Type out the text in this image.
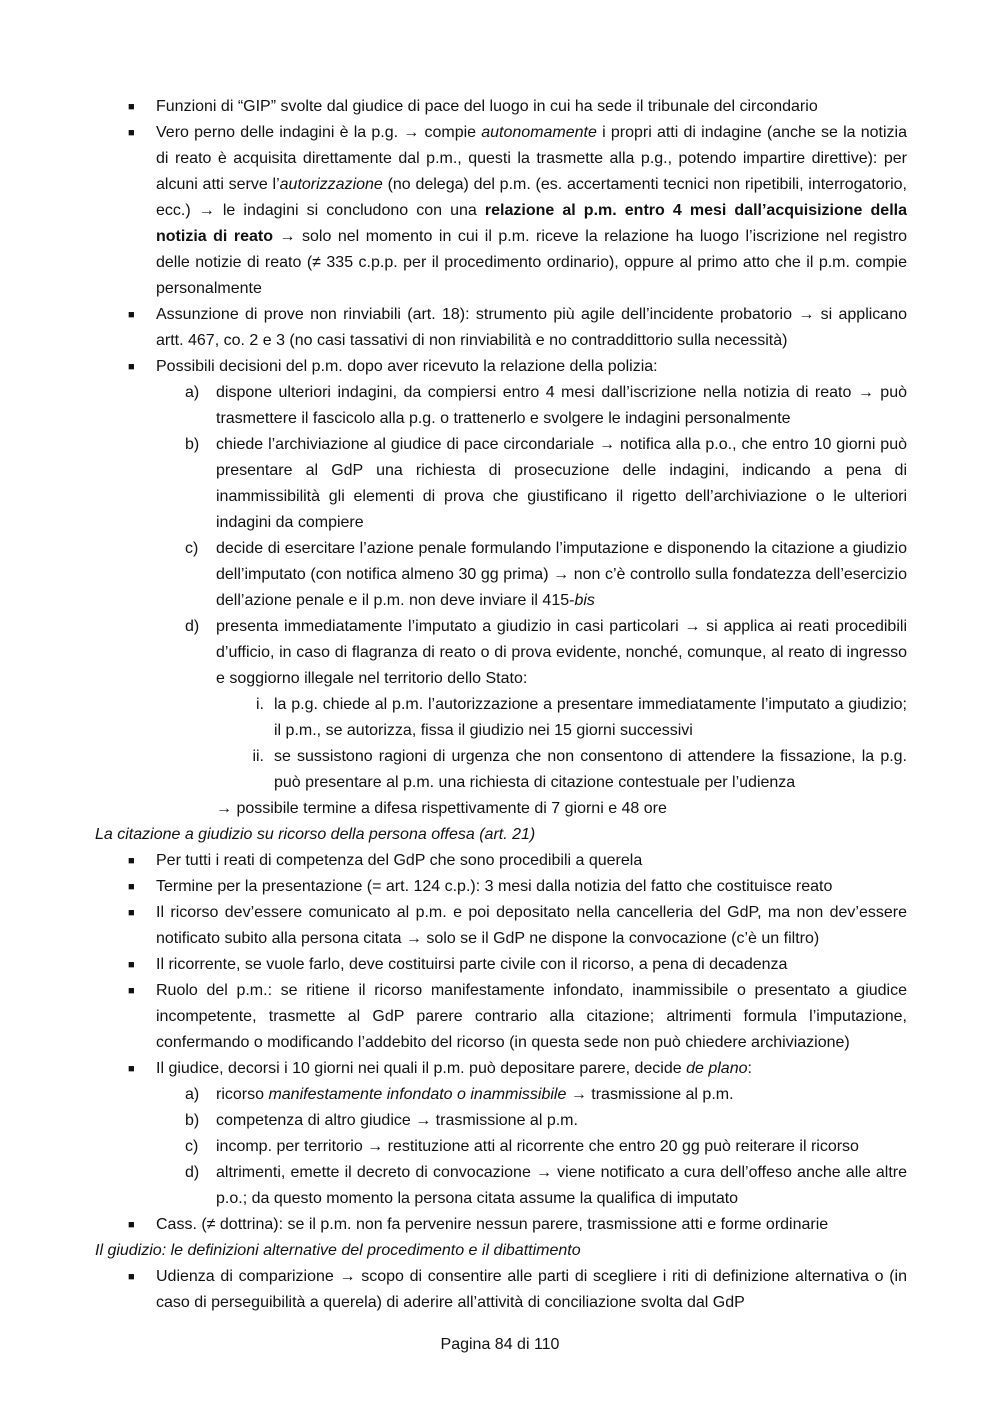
■ Funzioni di “GIP” svolte dal giudice di pace del luogo in cui ha sede il tribunale del circondario
■ Vero perno delle indagini è la p.g. → compie autonomamente i propri atti di indagine (anche se la notizia di reato è acquisita direttamente dal p.m., questi la trasmette alla p.g., potendo impartire direttive): per alcuni atti serve l’autorizzazione (no delega) del p.m. (es. accertamenti tecnici non ripetibili, interrogatorio, ecc.) → le indagini si concludono con una relazione al p.m. entro 4 mesi dall’acquisizione della notizia di reato → solo nel momento in cui il p.m. riceve la relazione ha luogo l’iscrizione nel registro delle notizie di reato (≠ 335 c.p.p. per il procedimento ordinario), oppure al primo atto che il p.m. compie personalmente
■ Assunzione di prove non rinviabili (art. 18): strumento più agile dell’incidente probatorio → si applicano artt. 467, co. 2 e 3 (no casi tassativi di non rinviabilità e no contraddittorio sulla necessità)
■ Possibili decisioni del p.m. dopo aver ricevuto la relazione della polizia:
a) dispone ulteriori indagini, da compiersi entro 4 mesi dall’iscrizione nella notizia di reato → può trasmettere il fascicolo alla p.g. o trattenerlo e svolgere le indagini personalmente
b) chiede l’archiviazione al giudice di pace circondariale → notifica alla p.o., che entro 10 giorni può presentare al GdP una richiesta di prosecuzione delle indagini, indicando a pena di inammissibilità gli elementi di prova che giustificano il rigetto dell’archiviazione o le ulteriori indagini da compiere
c) decide di esercitare l’azione penale formulando l’imputazione e disponendo la citazione a giudizio dell’imputato (con notifica almeno 30 gg prima) → non c’è controllo sulla fondatezza dell’esercizio dell’azione penale e il p.m. non deve inviare il 415-bis
d) presenta immediatamente l’imputato a giudizio in casi particolari → si applica ai reati procedibili d’ufficio, in caso di flagranza di reato o di prova evidente, nonché, comunque, al reato di ingresso e soggiorno illegale nel territorio dello Stato:
i. la p.g. chiede al p.m. l’autorizzazione a presentare immediatamente l’imputato a giudizio; il p.m., se autorizza, fissa il giudizio nei 15 giorni successivi
ii. se sussistono ragioni di urgenza che non consentono di attendere la fissazione, la p.g. può presentare al p.m. una richiesta di citazione contestuale per l’udienza
→ possibile termine a difesa rispettivamente di 7 giorni e 48 ore
La citazione a giudizio su ricorso della persona offesa (art. 21)
■ Per tutti i reati di competenza del GdP che sono procedibili a querela
■ Termine per la presentazione (= art. 124 c.p.): 3 mesi dalla notizia del fatto che costituisce reato
■ Il ricorso dev’essere comunicato al p.m. e poi depositato nella cancelleria del GdP, ma non dev’essere notificato subito alla persona citata → solo se il GdP ne dispone la convocazione (c’è un filtro)
■ Il ricorrente, se vuole farlo, deve costituirsi parte civile con il ricorso, a pena di decadenza
■ Ruolo del p.m.: se ritiene il ricorso manifestamente infondato, inammissibile o presentato a giudice incompetente, trasmette al GdP parere contrario alla citazione; altrimenti formula l’imputazione, confermando o modificando l’addebito del ricorso (in questa sede non può chiedere archiviazione)
■ Il giudice, decorsi i 10 giorni nei quali il p.m. può depositare parere, decide de plano:
a) ricorso manifestamente infondato o inammissibile → trasmissione al p.m.
b) competenza di altro giudice → trasmissione al p.m.
c) incomp. per territorio → restituzione atti al ricorrente che entro 20 gg può reiterare il ricorso
d) altrimenti, emette il decreto di convocazione → viene notificato a cura dell’offeso anche alle altre p.o.; da questo momento la persona citata assume la qualifica di imputato
■ Cass. (≠ dottrina): se il p.m. non fa pervenire nessun parere, trasmissione atti e forme ordinarie
Il giudizio: le definizioni alternative del procedimento e il dibattimento
■ Udienza di comparizione → scopo di consentire alle parti di scegliere i riti di definizione alternativa o (in caso di perseguibilità a querela) di aderire all’attività di conciliazione svolta dal GdP
Pagina 84 di 110
